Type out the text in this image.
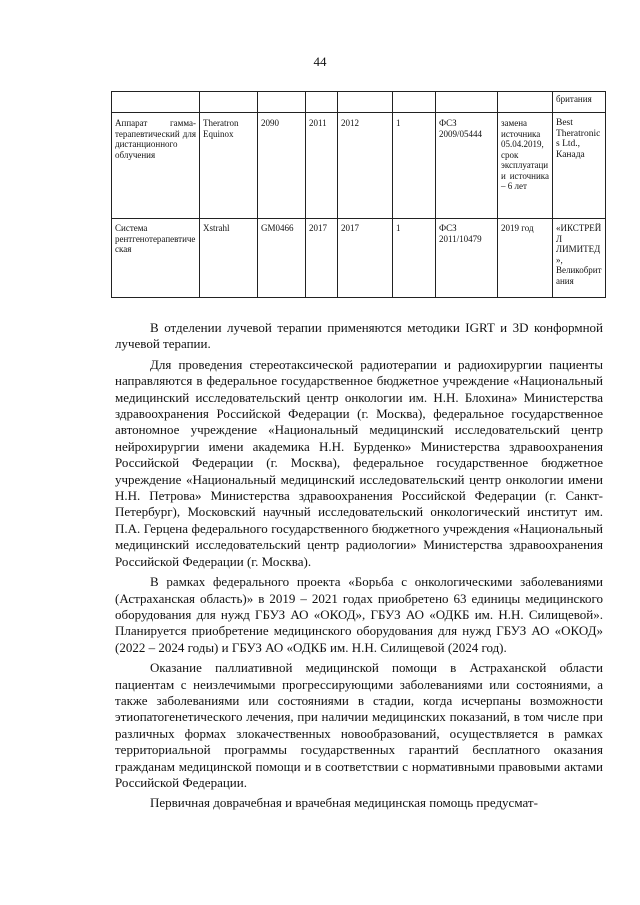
44
								британия
Аппарат гамма-терапевтический для дистанционного облучения	Theratron Equinox	2090	2011	2012	1	ФСЗ 2009/05444	замена источника 05.04.2019, срок эксплуатации источника – 6 лет	Best Theratronics Ltd., Канада
Система рентгенотерапевтическая	Xstrahl	GM0466	2017	2017	1	ФСЗ 2011/10479	2019 год	«ИКСТРЕЙЛ ЛИМИТЕД», Великобритания

В отделении лучевой терапии применяются методики IGRT и 3D конформной лучевой терапии.

Для проведения стереотаксической радиотерапии и радиохирургии пациенты направляются в федеральное государственное бюджетное учреждение «Национальный медицинский исследовательский центр онкологии им. Н.Н. Блохина» Министерства здравоохранения Российской Федерации (г. Москва), федеральное государственное автономное учреждение «Национальный медицинский исследовательский центр нейрохирургии имени академика Н.Н. Бурденко» Министерства здравоохранения Российской Федерации (г. Москва), федеральное государственное бюджетное учреждение «Национальный медицинский исследовательский центр онкологии имени Н.Н. Петрова» Министерства здравоохранения Российской Федерации (г. Санкт-Петербург), Московский научный исследовательский онкологический институт им. П.А. Герцена федерального государственного бюджетного учреждения «Национальный медицинский исследовательский центр радиологии» Министерства здравоохранения Российской Федерации (г. Москва).

В рамках федерального проекта «Борьба с онкологическими заболеваниями (Астраханская область)» в 2019 – 2021 годах приобретено 63 единицы медицинского оборудования для нужд ГБУЗ АО «ОКОД», ГБУЗ АО «ОДКБ им. Н.Н. Силищевой». Планируется приобретение медицинского оборудования для нужд ГБУЗ АО «ОКОД» (2022 – 2024 годы) и ГБУЗ АО «ОДКБ им. Н.Н. Силищевой (2024 год).

Оказание паллиативной медицинской помощи в Астраханской области пациентам с неизлечимыми прогрессирующими заболеваниями или состояниями, а также заболеваниями или состояниями в стадии, когда исчерпаны возможности этиопатогенетического лечения, при наличии медицинских показаний, в том числе при различных формах злокачественных новообразований, осуществляется в рамках территориальной программы государственных гарантий бесплатного оказания гражданам медицинской помощи и в соответствии с нормативными правовыми актами Российской Федерации.

Первичная доврачебная и врачебная медицинская помощь предусмат-
